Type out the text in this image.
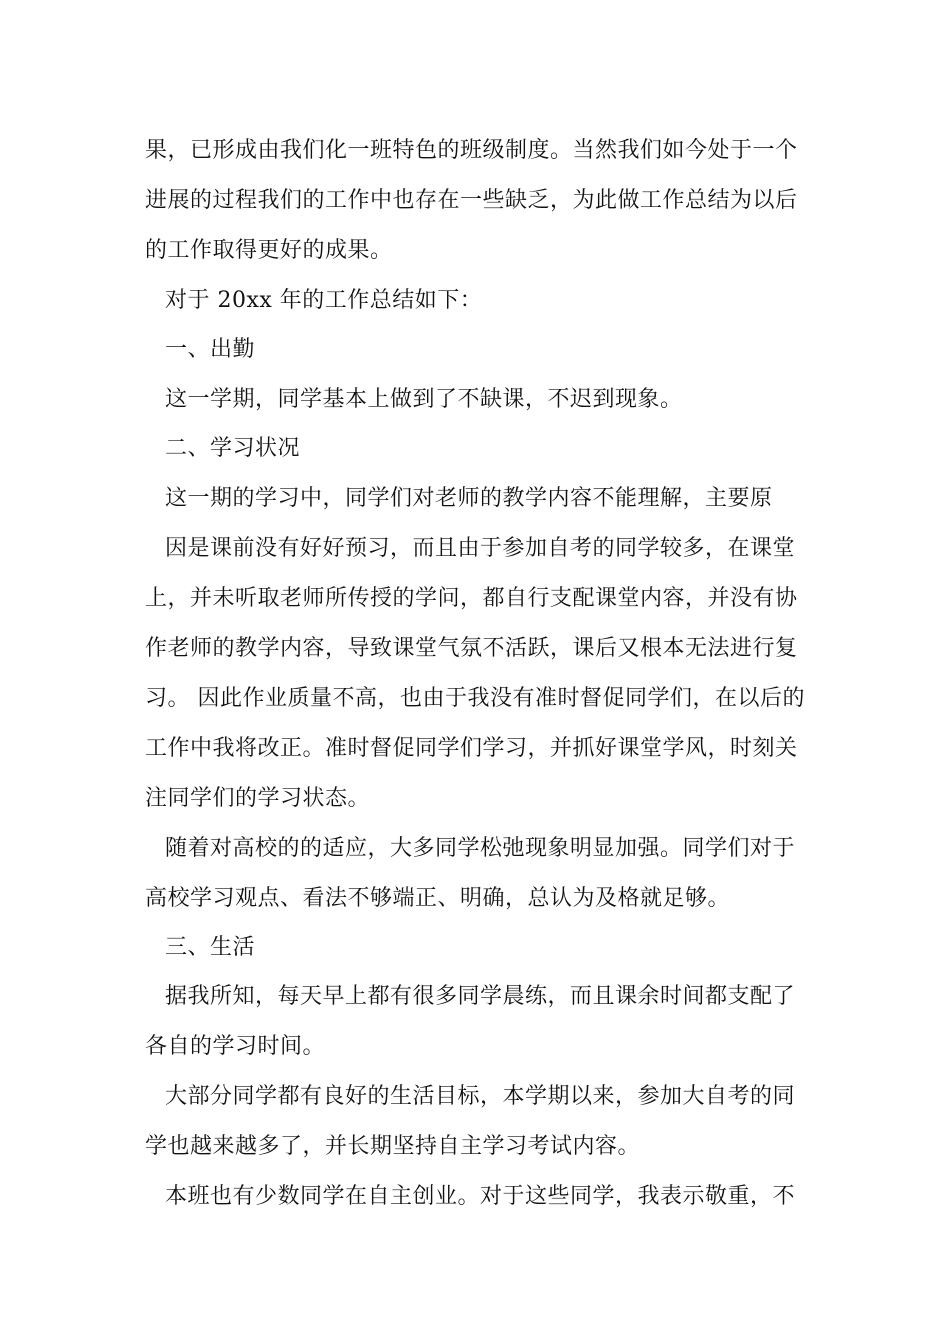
果，已形成由我们化一班特色的班级制度。当然我们如今处于一个
进展的过程我们的工作中也存在一些缺乏，为此做工作总结为以后
的工作取得更好的成果。
对于 20xx 年的工作总结如下：
一、出勤
这一学期，同学基本上做到了不缺课，不迟到现象。
二、学习状况
这一期的学习中，同学们对老师的教学内容不能理解，主要原
因是课前没有好好预习，而且由于参加自考的同学较多，在课堂
上，并未听取老师所传授的学问，都自行支配课堂内容，并没有协
作老师的教学内容，导致课堂气氛不活跃，课后又根本无法进行复
习。 因此作业质量不高，也由于我没有准时督促同学们，在以后的
工作中我将改正。准时督促同学们学习，并抓好课堂学风，时刻关
注同学们的学习状态。
随着对高校的的适应，大多同学松弛现象明显加强。同学们对于
高校学习观点、看法不够端正、明确，总认为及格就足够。
三、生活
据我所知，每天早上都有很多同学晨练，而且课余时间都支配了
各自的学习时间。
大部分同学都有良好的生活目标，本学期以来，参加大自考的同
学也越来越多了，并长期坚持自主学习考试内容。
本班也有少数同学在自主创业。对于这些同学，我表示敬重，不
